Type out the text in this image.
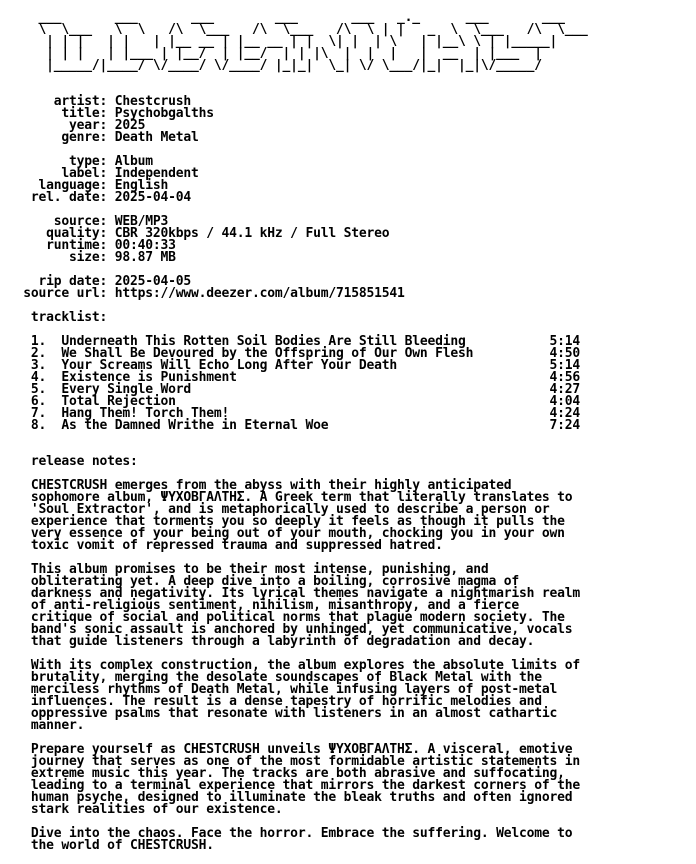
___       ___       ___        ___       ___   _._      ___       ___
\  \___   \  \   /\  \___   /\  \___   /\  \ | |   _  \  \___   /\  \___
| | |   | |   | |__ __ | |__ __ | |  \| |  | \   | |__\ \ | |_____|
| | |   | |___ | |__/  | |__/  | | |\  |  |  |   |  __  | |___  |
|_____/|____/ \/____/ \/____/ |_|_|  \_| \/ \___/|_|  |_|\/_____/
artist: Chestcrush
title: Psychobgalths
year: 2025
genre: Death Metal
type: Album
label: Independent
language: English
rel. date: 2025-04-04
source: WEB/MP3
quality: CBR 320kbps / 44.1 kHz / Full Stereo
runtime: 00:40:33
size: 98.87 MB
rip date: 2025-04-05
source url: https://www.deezer.com/album/715851541
tracklist:
1.  Underneath This Rotten Soil Bodies Are Still Bleeding           5:14
2.  We Shall Be Devoured by the Offspring of Our Own Flesh          4:50
3.  Your Screams Will Echo Long After Your Death                    5:14
4.  Existence is Punishment                                         4:56
5.  Every Single Word                                               4:27
6.  Total Rejection                                                 4:04
7.  Hang Them! Torch Them!                                          4:24
8.  As the Damned Writhe in Eternal Woe                             7:24
release notes:
CHESTCRUSH emerges from the abyss with their highly anticipated
sophomore album, ΨΥΧΟΒΓΑΛΤΗΣ. A Greek term that literally translates to
'Soul Extractor', and is metaphorically used to describe a person or
experience that torments you so deeply it feels as though it pulls the
very essence of your being out of your mouth, chocking you in your own
toxic vomit of repressed trauma and suppressed hatred.
This album promises to be their most intense, punishing, and
obliterating yet. A deep dive into a boiling, corrosive magma of
darkness and negativity. Its lyrical themes navigate a nightmarish realm
of anti-religious sentiment, nihilism, misanthropy, and a fierce
critique of social and political norms that plague modern society. The
band's sonic assault is anchored by unhinged, yet communicative, vocals
that guide listeners through a labyrinth of degradation and decay.
With its complex construction, the album explores the absolute limits of
brutality, merging the desolate soundscapes of Black Metal with the
merciless rhythms of Death Metal, while infusing layers of post-metal
influences. The result is a dense tapestry of horrific melodies and
oppressive psalms that resonate with listeners in an almost cathartic
manner.
Prepare yourself as CHESTCRUSH unveils ΨΥΧΟΒΓΑΛΤΗΣ. A visceral, emotive
journey that serves as one of the most formidable artistic statements in
extreme music this year. The tracks are both abrasive and suffocating,
leading to a terminal experience that mirrors the darkest corners of the
human psyche, designed to illuminate the bleak truths and often ignored
stark realities of our existence.
Dive into the chaos. Face the horror. Embrace the suffering. Welcome to
the world of CHESTCRUSH.
